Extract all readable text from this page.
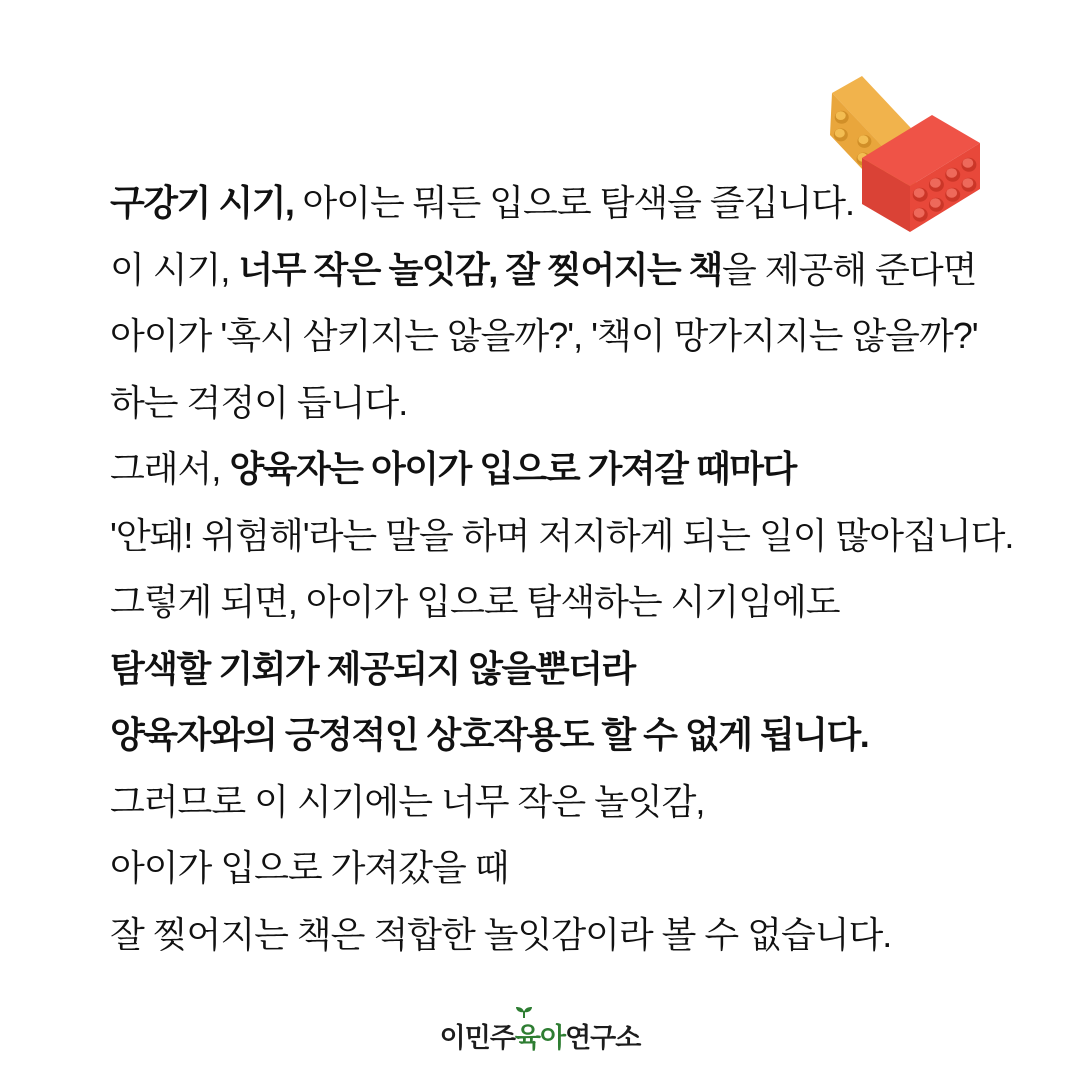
구강기 시기, 아이는 뭐든 입으로 탐색을 즐깁니다.
이 시기, 너무 작은 놀잇감, 잘 찢어지는 책을 제공해 준다면
아이가 '혹시 삼키지는 않을까?', '책이 망가지지는 않을까?'
하는 걱정이 듭니다.
그래서, 양육자는 아이가 입으로 가져갈 때마다
'안돼! 위험해'라는 말을 하며 저지하게 되는 일이 많아집니다.
그렇게 되면, 아이가 입으로 탐색하는 시기임에도
탐색할 기회가 제공되지 않을뿐더라
양육자와의 긍정적인 상호작용도 할 수 없게 됩니다.
그러므로 이 시기에는 너무 작은 놀잇감,
아이가 입으로 가져갔을 때
잘 찢어지는 책은 적합한 놀잇감이라 볼 수 없습니다.
이민주
육아연구소
